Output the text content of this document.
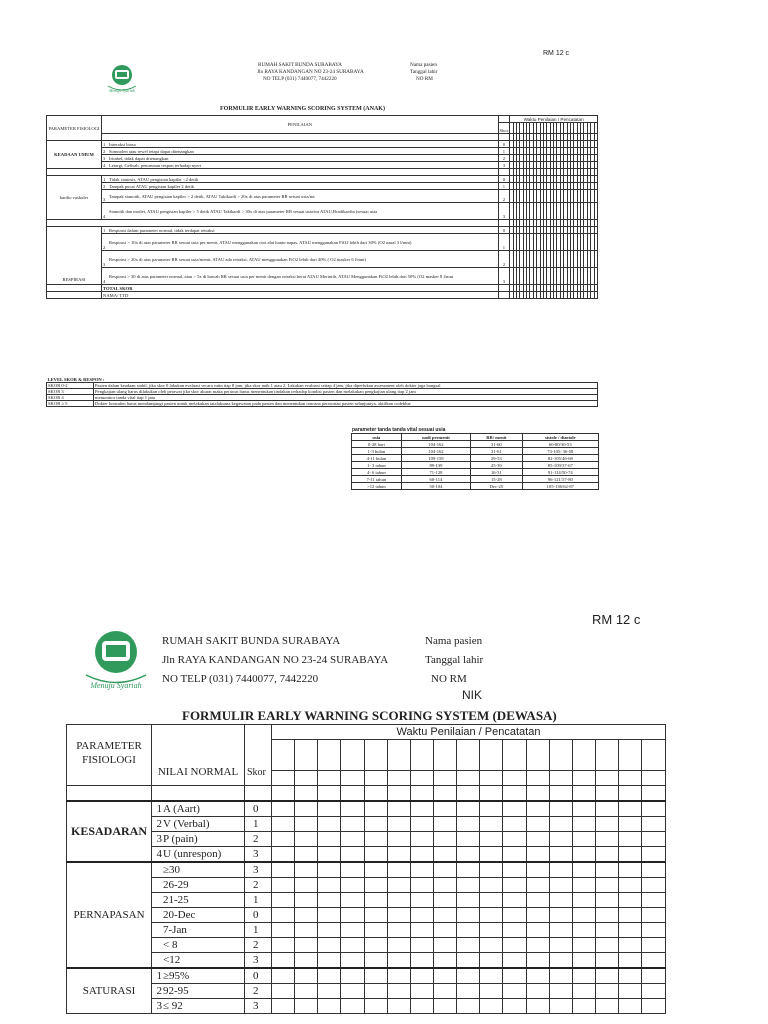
RM 12 c
Menuju Syariah
RUMAH SAKIT BUNDA SURABAYA
Jln RAYA KANDANGAN NO 23-24 SURABAYA
NO TELP (031) 7440077, 7442220
Nama pasien
Tanggal lahir
NO RM
FORMULIR EARLY WARNING SCORING SYSTEM (ANAK)
PARAMETER FISIOLOGI	PENILAIAN			Waktu Penilaian / Pencatatan																									
			Skor																										

KEADAAN UMUM	1	Interaksi biasa	0																										
	2	Somnolen atau rewel tetapi dapat ditenangkan	1																										
	3	Iritabel, tidak dapat ditenangkan	2																										
	4	Letargi, Gelisah, penurunan respon terhadap nyeri	3																										

kardio vaskuler	1	Tidak sianosis, ATAU pengisian kapiler <2 detik	0																										
	2	Tampak pucat ATAU pengisian kapiler 2 detik	1																										
	3	Tampak sianotik, ATAU pengisian kapiler > 2 detik, ATAU Takikardi > 20x di atas parameter RR sesuai usia/mt	2																										
	4	Sianotik dan motlet, ATAU pengisian kapiler > 5 detik ATAU Takikardi > 30x di atas parameter RR sesuai usia/mt ATAU,Bradikardia (sesuai usia	3																										

RESPIRASI	1	Respirasi dalam parameter normal, tidak terdapat retraksi	0																										
	2	Respirasi > 10x di atas parameter RR sesuai usia per menit, ATAU menggunakan otot alat bantu napas, ATAU menggunakan FiO2 lebih dari 30% (O2 nasal 3 l/mnt)	1																										
	3	Respirasi > 20x di atas parameter RR sesuai usia/menit, ATAU ada retraksi, ATAU menggunakan FiO2 lebih dari 40% ( O2 masker 6 l/mnt)	2																										
	4	Respirasi > 30 di atas parameter normal, atau > 5x di bawah RR sesuai usia per menit dengan retraksi berat ATAU Merintih, ATAU Menggunakan FiO2 lebih dari 50% (O2 masker 8 l/mnt	3																										
	TOTAL SKOR																												
	NAMA/ TTD																												
LEVEL SKOR & RESPON :	
SKOR 0-2	Pasien dalam keadaan stabil, jika skor 0 lakukan evaluasi secara rutin tiap 8 jam, jika skor naik 1 atau 2, Lakukan evaluasi setiap 4 jam, jika diperlukan assessment oleh dokter jaga bangsal
SKOR 3	Pengkajian ulang harus dilakukan oleh perawat jika skor akurat maka perawat harus menentukan tindakan terhadap kondisi pasien dan melakukan pengkajian ulang tiap 2 jam
SKOR 4	memonitor tanda vital tiap 1 jam
SKOR ≥ 5	Dokter konsulen harus mendampingi pasien untuk melakukan tatalaksana kegawatan pada pasien dan menentukan rencana perawatan pasien selanjutnya, aktifkan codeblue
parameter tanda tanda vital sesuai usia
usia	nadi permenit	RR/ menit	sistole / diastole
0-28 hari	104-162	31-60	60-80/30-53
1-3 bulan	104-162	31-61	73-105/ 36-58
4-11 bulan	109-159	29-53	82-105/46-68
1- 3 tahun	89-139	25-39	85-109/37-67
4- 6 tahun	71-128	16-31	91-114/50-74
7-11 tahun	60-114	15-28	96-121/57-80
>12 tahun	50-104	Dec-25	105-136/62-87
RM 12 c
Menuju Syariah
RUMAH SAKIT BUNDA SURABAYA
Jln RAYA KANDANGAN NO 23-24 SURABAYA
NO TELP (031) 7440077, 7442220
Nama pasien
Tanggal lahir
NO RM
NIK
FORMULIR EARLY WARNING SCORING SYSTEM (DEWASA)
PARAMETER FISIOLOGI	NILAI NORMAL	Skor	Waktu Penilaian / Pencatatan																

KESADARAN	1A (Aart)	0																	
	2V (Verbal)	1																	
	3P (pain)	2																	
	4U (unrespon)	3																	
PERNAPASAN	≥30	3																	
	26-29	2																	
	21-25	1																	
	20-Dec	0																	
	7-Jan	1																	
	< 8	2																	
	<12	3																	
SATURASI	1≥95%	0																	
	292-95	2																	
	3≤ 92	3																	
